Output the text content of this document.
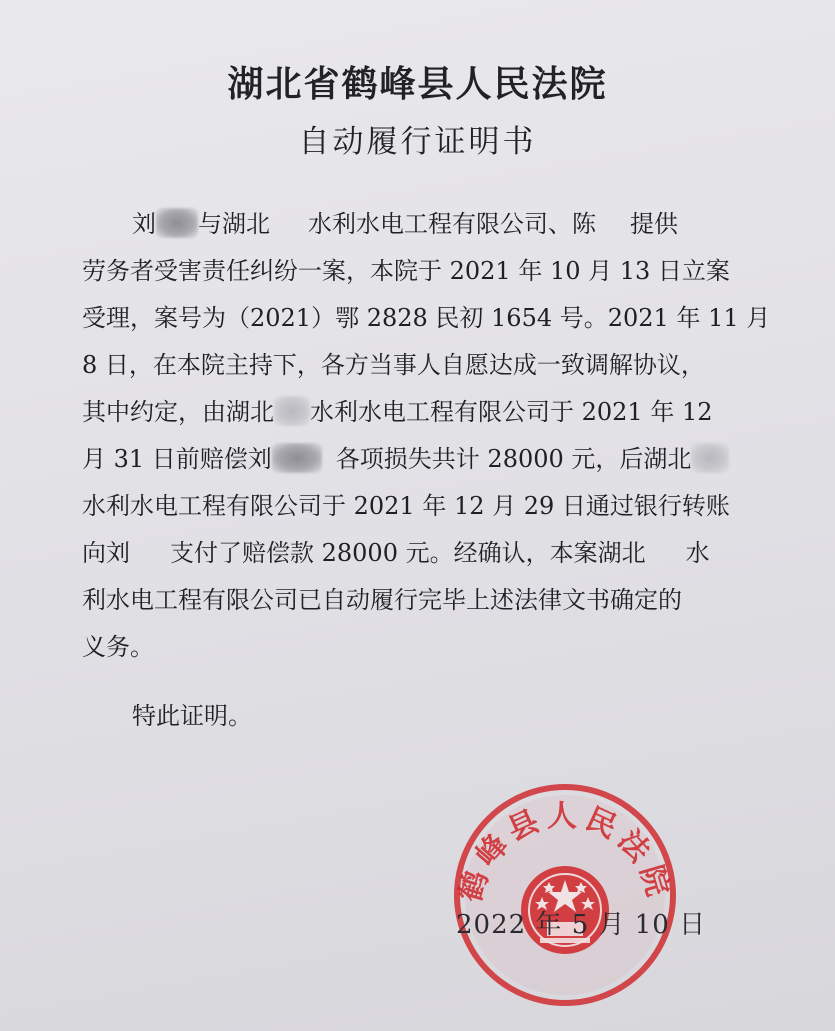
湖北省鹤峰县人民法院
自动履行证明书
刘 与湖北 水利水电工程有限公司、陈 提供
劳务者受害责任纠纷一案，本院于 2021 年 10 月 13 日立案
受理，案号为（2021）鄂 2828 民初 1654 号。2021 年 11 月
8 日，在本院主持下，各方当事人自愿达成一致调解协议，
其中约定，由湖北 水利水电工程有限公司于 2021 年 12
月 31 日前赔偿刘	各项损失共计 28000 元，后湖北
水利水电工程有限公司于 2021 年 12 月 29 日通过银行转账
向刘 支付了赔偿款 28000 元。经确认，本案湖北 水
利水电工程有限公司已自动履行完毕上述法律文书确定的
义务。
特此证明。
鹤峰县人民法院
2022 年 5 月 10 日
